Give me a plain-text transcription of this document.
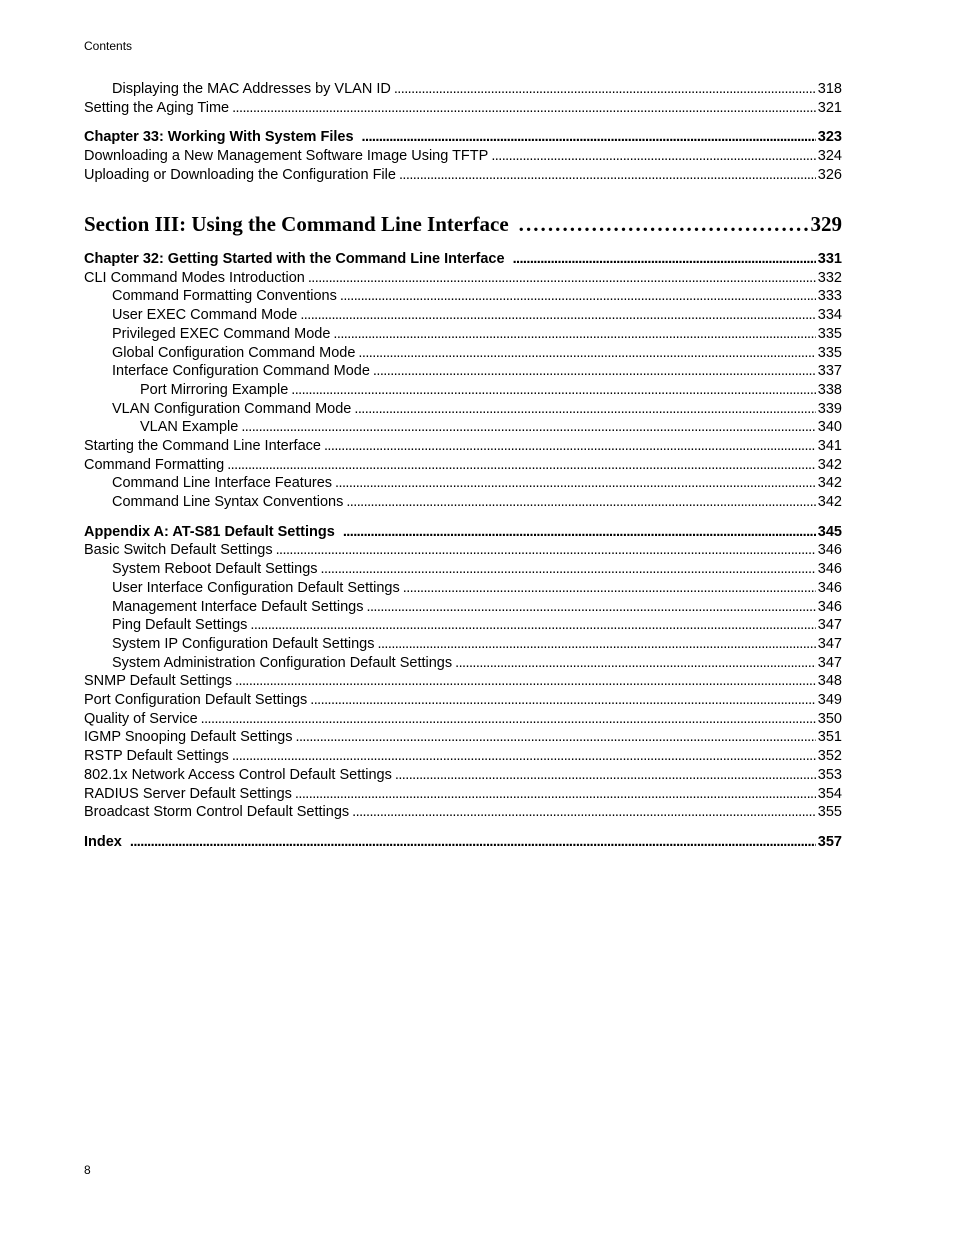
Contents
Displaying the MAC Addresses by VLAN ID . . .	318
Setting the Aging Time . . .	321
Chapter 33: Working With System Files . . .	323
Downloading a New Management Software Image Using TFTP . . .	324
Uploading or Downloading the Configuration File . . .	326
Section III: Using the Command Line Interface . . .	329
Chapter 32: Getting Started with the Command Line Interface . . .	331
CLI Command Modes Introduction . . .	332
Command Formatting Conventions . . .	333
User EXEC Command Mode . . .	334
Privileged EXEC Command Mode . . .	335
Global Configuration Command Mode . . .	335
Interface Configuration Command Mode . . .	337
Port Mirroring Example . . .	338
VLAN Configuration Command Mode . . .	339
VLAN Example . . .	340
Starting the Command Line Interface . . .	341
Command Formatting . . .	342
Command Line Interface Features . . .	342
Command Line Syntax Conventions . . .	342
Appendix A: AT-S81 Default Settings . . .	345
Basic Switch Default Settings . . .	346
System Reboot Default Settings . . .	346
User Interface Configuration Default Settings . . .	346
Management Interface Default Settings . . .	346
Ping Default Settings . . .	347
System IP Configuration Default Settings . . .	347
System Administration Configuration Default Settings . . .	347
SNMP Default Settings . . .	348
Port Configuration Default Settings . . .	349
Quality of Service . . .	350
IGMP Snooping Default Settings . . .	351
RSTP Default Settings . . .	352
802.1x Network Access Control Default Settings . . .	353
RADIUS Server Default Settings . . .	354
Broadcast Storm Control Default Settings . . .	355
Index . . .	357
8
